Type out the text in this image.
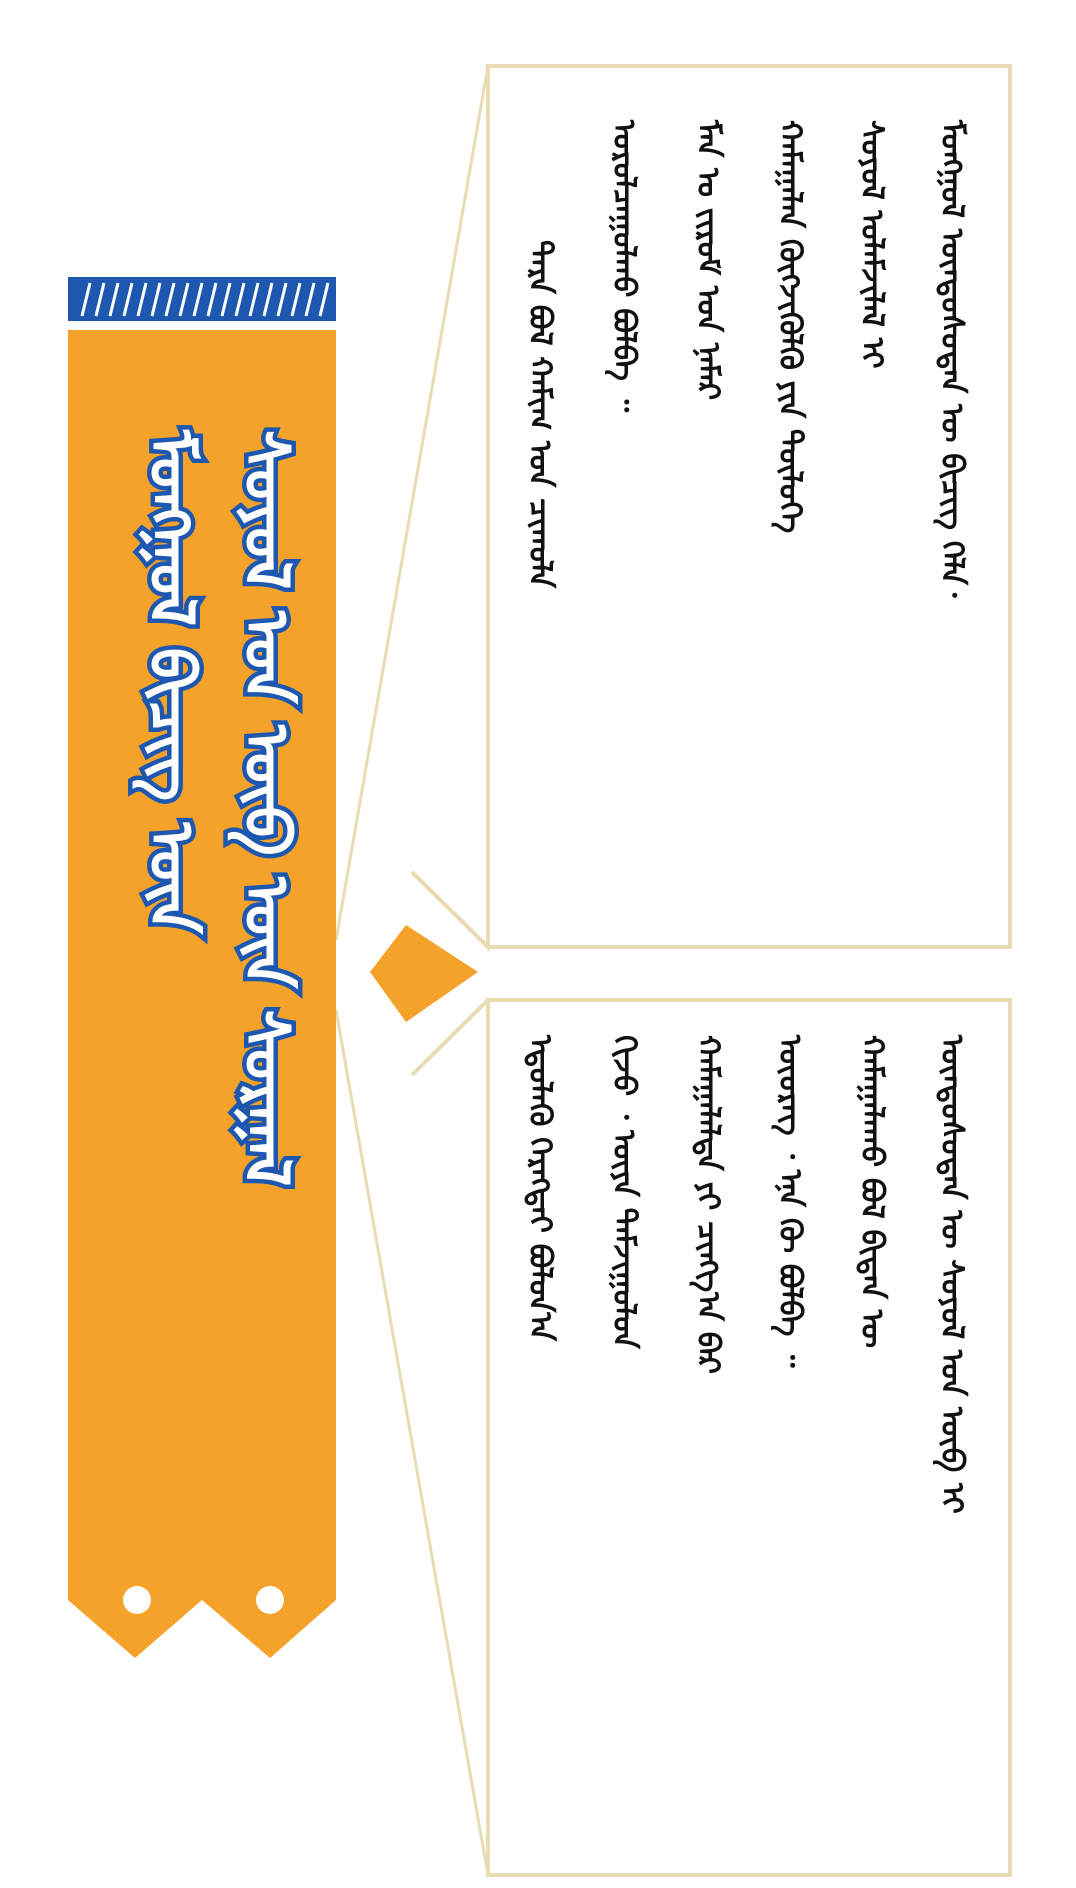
ᠮᠣᠩᠭᠣᠯ ᠪᠢᠴᠢᠭ ᠦᠨ ᠰᠣᠶᠣᠯ ᠤᠨ ᠥᠪ ᠦᠨ ᠰᠤᠷᠭᠠᠯ
ᠮᠣᠩᠭᠣᠯ ᠦᠨᠳᠦᠰᠦᠲᠡᠨ ᠦ ᠪᠢᠴᠢᠭ ᠬᠡᠯᠡ᠂
ᠰᠣᠶᠣᠯ ᠤᠯᠠᠮᠵᠢᠯᠠᠯ ᠢ
ᠬᠠᠮᠠᠭᠠᠯᠠᠨ ᠬᠥᠭᠵᠢᠭᠦᠯᠬᠦ ᠶᠢᠨ ᠲᠥᠯᠥᠭᠡ
ᠮᠠᠨ ᠤ ᠵᠢᠷᠤᠮ ᠤᠨ ᠨᠡᠮᠡᠷ
ᠣᠷᠤᠯᠴᠠᠭᠤᠯᠬᠤ ᠪᠣᠯᠪᠠ ᠃
ᠲᠡᠷᠡ ᠪᠣᠯ ᠬᠠᠮᠢᠭ ᠤᠨ ᠴᠢᠬᠤᠯᠠ
ᠦᠨᠳᠦᠰᠦᠲᠡᠨ ᠦ ᠰᠣᠶᠣᠯ ᠤᠨ ᠥᠪ ᠢ
ᠬᠠᠮᠠᠭᠠᠯᠠᠬᠤ ᠪᠣᠯ ᠪᠢᠳᠡᠨ ᠦ
ᠦᠦᠷᠡᠭ ᠂ ᠡᠨᠡ ᠬᠦ ᠪᠣᠯᠪᠠ ᠃
ᠬᠠᠮᠠᠭᠠᠯᠠᠯᠲᠠ ᠶᠢ ᠴᠢᠩᠭ᠎ᠠ ᠪᠡᠷ
ᠬᠢᠵᠦ ᠂ ᠦᠶᠡ ᠳᠠᠮᠵᠢᠭᠤᠯᠤᠨ
ᠡᠳᠦᠯᠡᠬᠦ ᠬᠡᠷᠡᠭᠲᠡᠢ ᠪᠣᠯᠤᠨ᠎ᠠ
